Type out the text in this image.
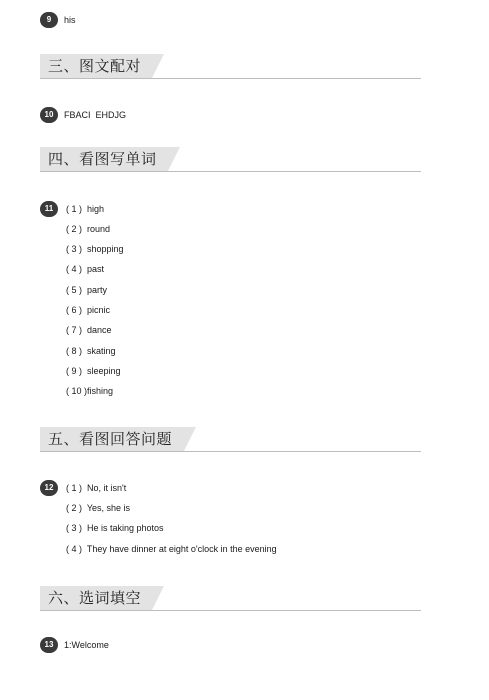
9	his
三、图文配对
10	FBACI  EHDJG
四、看图写单词
11	( 1 )  high
( 2 )  round
( 3 )  shopping
( 4 )  past
( 5 )  party
( 6 )  picnic
( 7 )  dance
( 8 )  skating
( 9 )  sleeping
( 10 )fishing
五、看图回答问题
12	( 1 )  No, it isn't
( 2 )  Yes, she is
( 3 )  He is taking photos
( 4 )  They have dinner at eight o'clock in the evening
六、选词填空
13	1:Welcome
